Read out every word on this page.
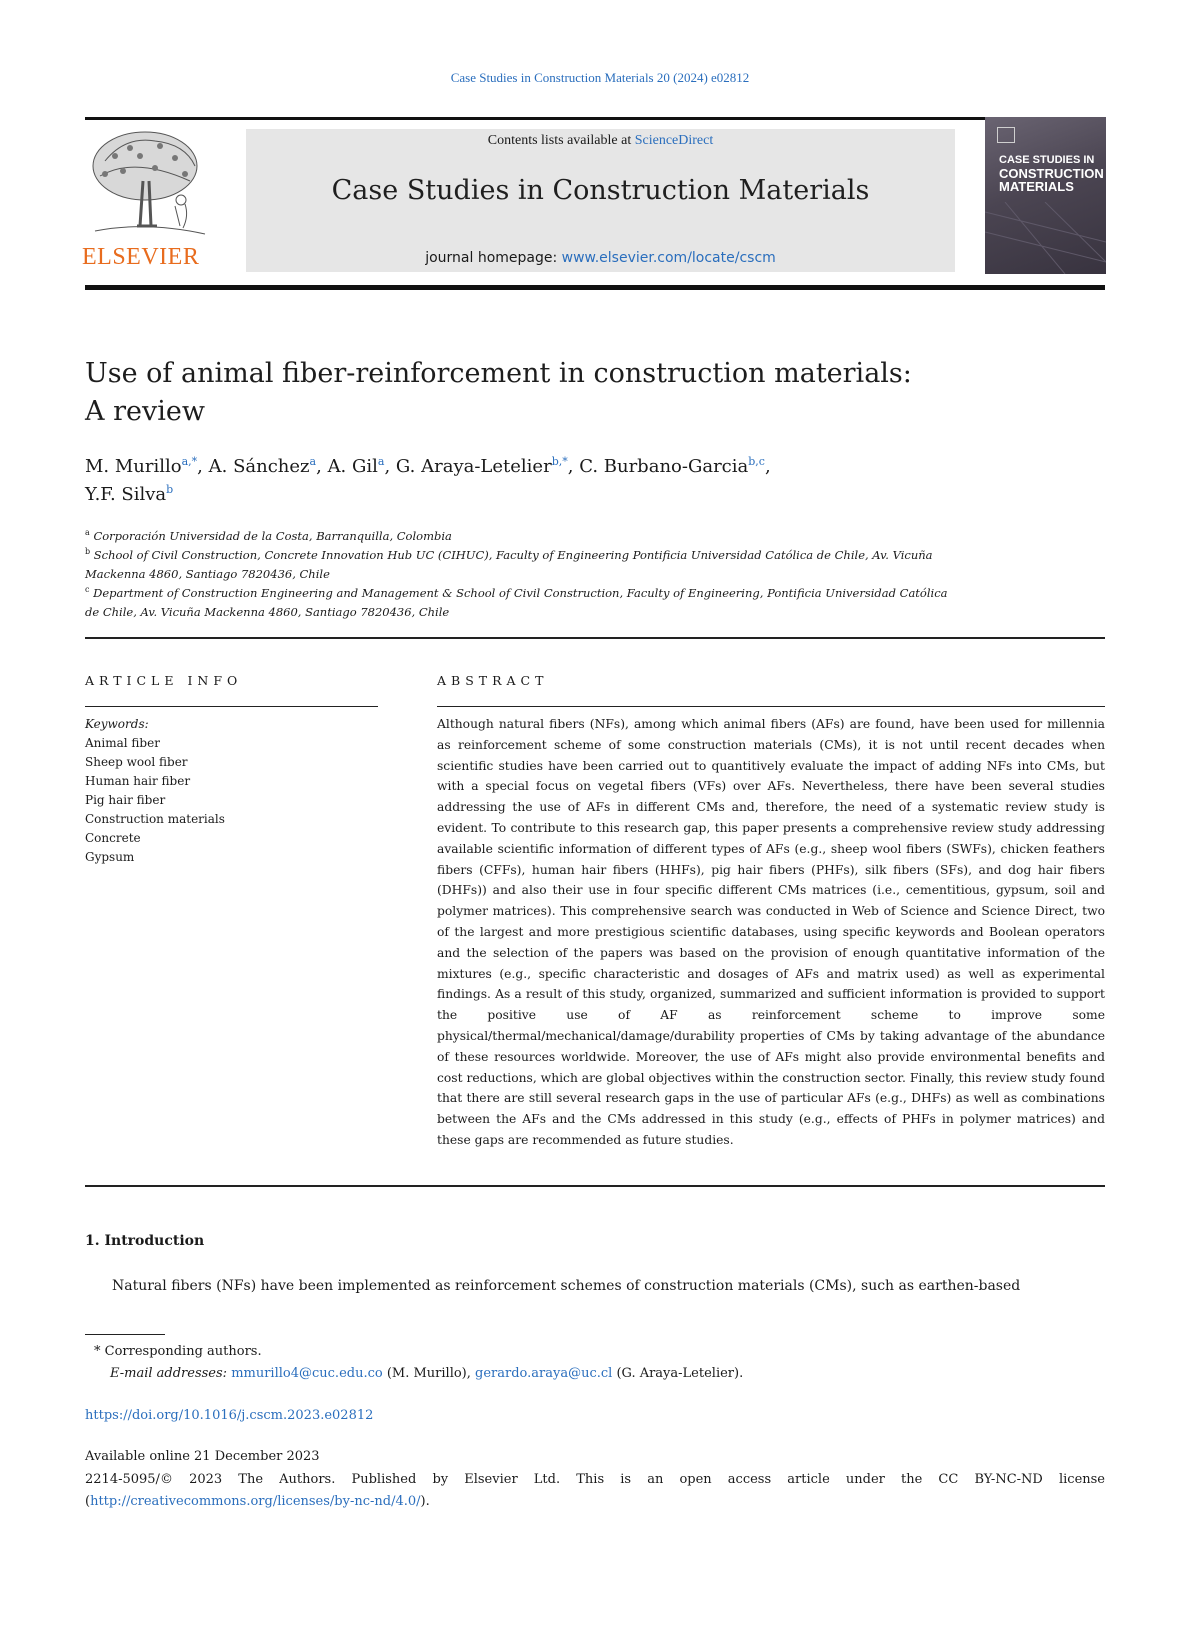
Case Studies in Construction Materials 20 (2024) e02812
ELSEVIER
Contents lists available at ScienceDirect
Case Studies in Construction Materials
journal homepage: www.elsevier.com/locate/cscm
CASE STUDIES IN
CONSTRUCTION
MATERIALS
Use of animal fiber-reinforcement in construction materials:
A review
M. Murillo$^{a,*}$, A. Sánchez$^a$, A. Gil$^a$, G. Araya-Letelier$^{b,*}$, C. Burbano-Garcia$^{b,c}$,
Y.F. Silva$^b$
$^a$ Corporación Universidad de la Costa, Barranquilla, Colombia
$^b$ School of Civil Construction, Concrete Innovation Hub UC (CIHUC), Faculty of Engineering Pontificia Universidad Católica de Chile, Av. Vicuña
Mackenna 4860, Santiago 7820436, Chile
$^c$ Department of Construction Engineering and Management & School of Civil Construction, Faculty of Engineering, Pontificia Universidad Católica
de Chile, Av. Vicuña Mackenna 4860, Santiago 7820436, Chile
ARTICLE INFO
Keywords:
Animal fiber
Sheep wool fiber
Human hair fiber
Pig hair fiber
Construction materials
Concrete
Gypsum
ABSTRACT
Although natural fibers (NFs), among which animal fibers (AFs) are found, have been used for millennia as reinforcement scheme of some construction materials (CMs), it is not until recent decades when scientific studies have been carried out to quantitively evaluate the impact of adding NFs into CMs, but with a special focus on vegetal fibers (VFs) over AFs. Nevertheless, there have been several studies addressing the use of AFs in different CMs and, therefore, the need of a systematic review study is evident. To contribute to this research gap, this paper presents a comprehensive review study addressing available scientific information of different types of AFs (e.g., sheep wool fibers (SWFs), chicken feathers fibers (CFFs), human hair fibers (HHFs), pig hair fibers (PHFs), silk fibers (SFs), and dog hair fibers (DHFs)) and also their use in four specific different CMs matrices (i.e., cementitious, gypsum, soil and polymer matrices). This comprehensive search was conducted in Web of Science and Science Direct, two of the largest and more prestigious scientific databases, using specific keywords and Boolean operators and the selection of the papers was based on the provision of enough quantitative information of the mixtures (e.g., specific characteristic and dosages of AFs and matrix used) as well as experimental findings. As a result of this study, organized, summarized and sufficient information is provided to support the positive use of AF as reinforcement scheme to improve some physical/thermal/mechanical/damage/durability properties of CMs by taking advantage of the abundance of these resources worldwide. Moreover, the use of AFs might also provide environmental benefits and cost reductions, which are global objectives within the construction sector. Finally, this review study found that there are still several research gaps in the use of particular AFs (e.g., DHFs) as well as combinations between the AFs and the CMs addressed in this study (e.g., effects of PHFs in polymer matrices) and these gaps are recommended as future studies.
1. Introduction
Natural fibers (NFs) have been implemented as reinforcement schemes of construction materials (CMs), such as earthen-based
* Corresponding authors.
E-mail addresses: mmurillo4@cuc.edu.co (M. Murillo), gerardo.araya@uc.cl (G. Araya-Letelier).
https://doi.org/10.1016/j.cscm.2023.e02812
Available online 21 December 2023
2214-5095/© 2023 The Authors. Published by Elsevier Ltd. This is an open access article under the CC BY-NC-ND license (http://creativecommons.org/licenses/by-nc-nd/4.0/).
